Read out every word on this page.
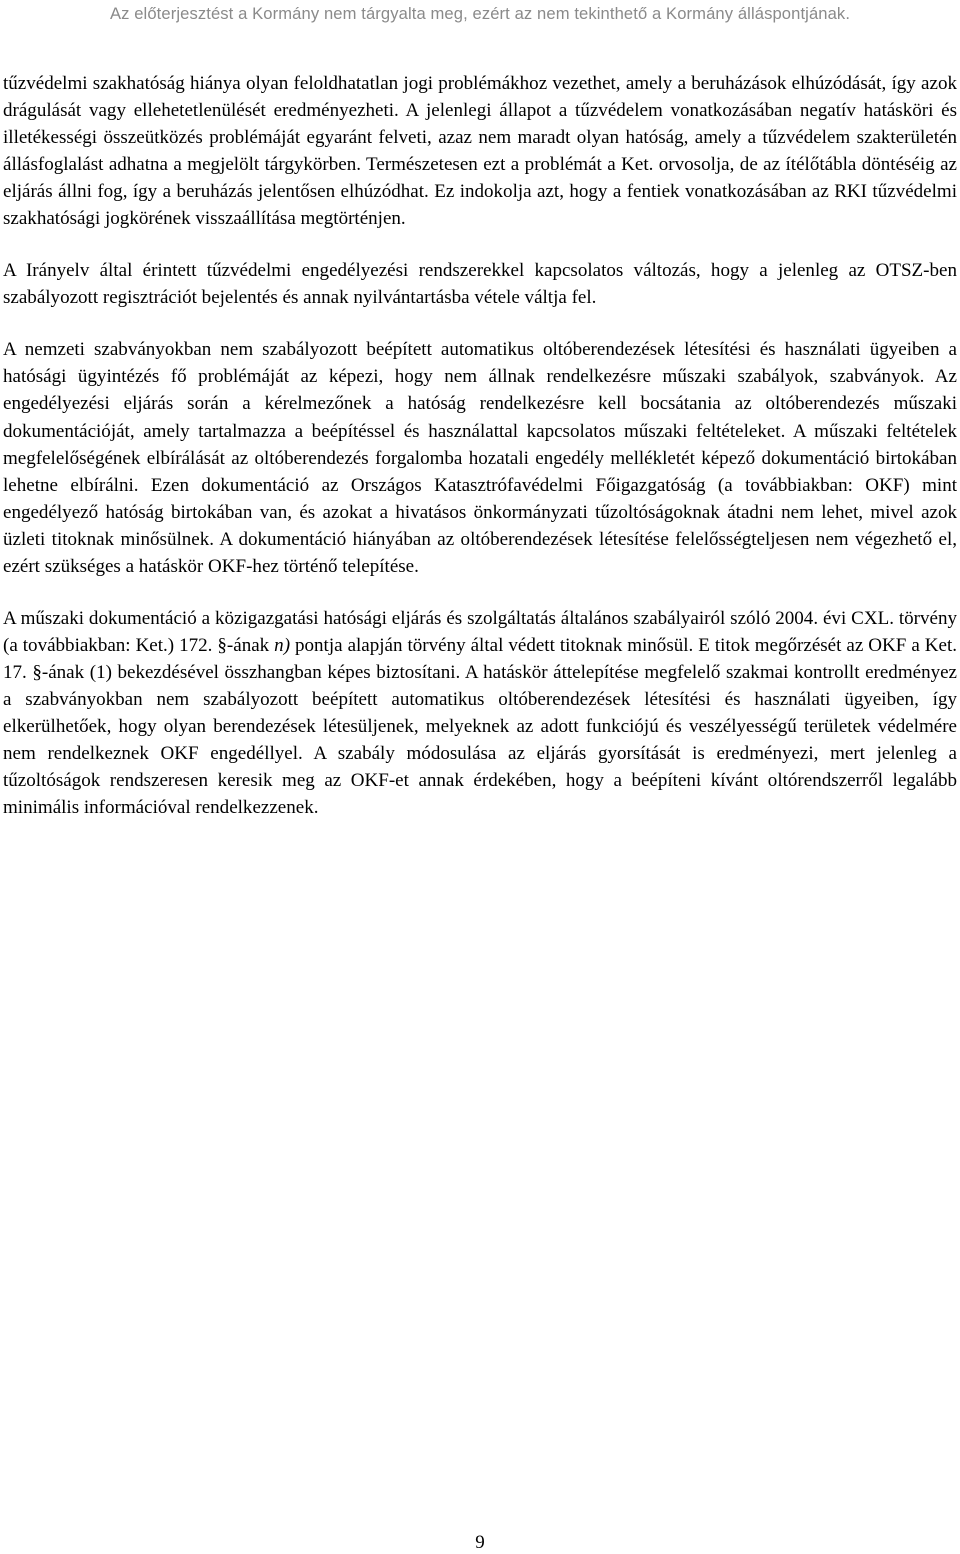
Az előterjesztést a Kormány nem tárgyalta meg, ezért az nem tekinthető a Kormány álláspontjának.

tűzvédelmi szakhatóság hiánya olyan feloldhatatlan jogi problémákhoz vezethet, amely a beruházások elhúzódását, így azok drágulását vagy ellehetetlenülését eredményezheti. A jelenlegi állapot a tűzvédelem vonatkozásában negatív hatásköri és illetékességi összeütközés problémáját egyaránt felveti, azaz nem maradt olyan hatóság, amely a tűzvédelem szakterületén állásfoglalást adhatna a megjelölt tárgykörben. Természetesen ezt a problémát a Ket. orvosolja, de az ítélőtábla döntéséig az eljárás állni fog, így a beruházás jelentősen elhúzódhat. Ez indokolja azt, hogy a fentiek vonatkozásában az RKI tűzvédelmi szakhatósági jogkörének visszaállítása megtörténjen.

A Irányelv által érintett tűzvédelmi engedélyezési rendszerekkel kapcsolatos változás, hogy a jelenleg az OTSZ-ben szabályozott regisztrációt bejelentés és annak nyilvántartásba vétele váltja fel.

A nemzeti szabványokban nem szabályozott beépített automatikus oltóberendezések létesítési és használati ügyeiben a hatósági ügyintézés fő problémáját az képezi, hogy nem állnak rendelkezésre műszaki szabályok, szabványok. Az engedélyezési eljárás során a kérelmezőnek a hatóság rendelkezésre kell bocsátania az oltóberendezés műszaki dokumentációját, amely tartalmazza a beépítéssel és használattal kapcsolatos műszaki feltételeket. A műszaki feltételek megfelelőségének elbírálását az oltóberendezés forgalomba hozatali engedély mellékletét képező dokumentáció birtokában lehetne elbírálni. Ezen dokumentáció az Országos Katasztrófavédelmi Főigazgatóság (a továbbiakban: OKF) mint engedélyező hatóság birtokában van, és azokat a hivatásos önkormányzati tűzoltóságoknak átadni nem lehet, mivel azok üzleti titoknak minősülnek. A dokumentáció hiányában az oltóberendezések létesítése felelősségteljesen nem végezhető el, ezért szükséges a hatáskör OKF-hez történő telepítése.

A műszaki dokumentáció a közigazgatási hatósági eljárás és szolgáltatás általános szabályairól szóló 2004. évi CXL. törvény (a továbbiakban: Ket.) 172. §-ának n) pontja alapján törvény által védett titoknak minősül. E titok megőrzését az OKF a Ket. 17. §-ának (1) bekezdésével összhangban képes biztosítani. A hatáskör áttelepítése megfelelő szakmai kontrollt eredményez a szabványokban nem szabályozott beépített automatikus oltóberendezések létesítési és használati ügyeiben, így elkerülhetőek, hogy olyan berendezések létesüljenek, melyeknek az adott funkciójú és veszélyességű területek védelmére nem rendelkeznek OKF engedéllyel. A szabály módosulása az eljárás gyorsítását is eredményezi, mert jelenleg a tűzoltóságok rendszeresen keresik meg az OKF-et annak érdekében, hogy a beépíteni kívánt oltórendszerről legalább minimális információval rendelkezzenek.

9
